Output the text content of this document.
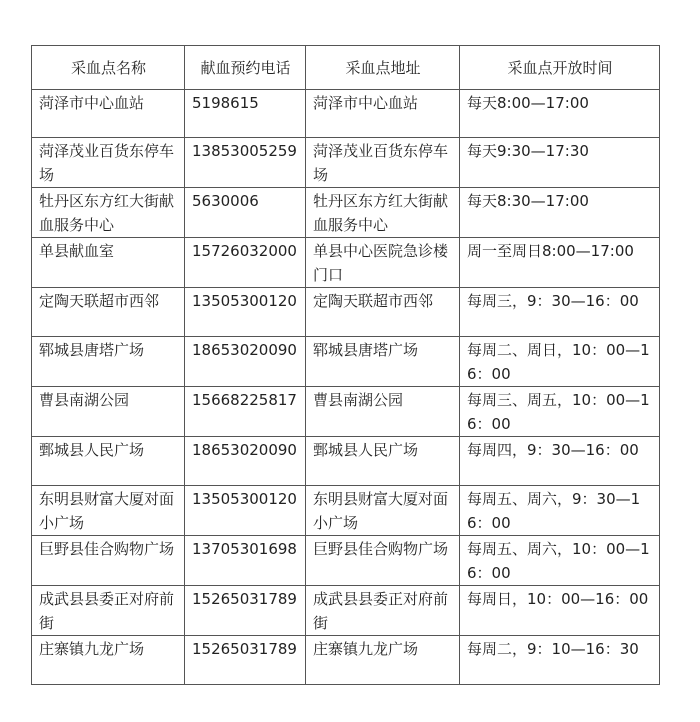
采血点名称	献血预约电话	采血点地址	采血点开放时间
菏泽市中心血站	5198615	菏泽市中心血站	每天8:00—17:00
菏泽茂业百货东停车场	13853005259	菏泽茂业百货东停车场	每天9:30—17:30
牡丹区东方红大街献血服务中心	5630006	牡丹区东方红大街献血服务中心	每天8:30—17:00
单县献血室	15726032000	单县中心医院急诊楼门口	周一至周日8:00—17:00
定陶天联超市西邻	13505300120	定陶天联超市西邻	每周三，9：30—16：00
郓城县唐塔广场	18653020090	郓城县唐塔广场	每周二、周日，10：00—16：00
曹县南湖公园	15668225817	曹县南湖公园	每周三、周五，10：00—16：00
鄄城县人民广场	18653020090	鄄城县人民广场	每周四，9：30—16：00
东明县财富大厦对面小广场	13505300120	东明县财富大厦对面小广场	每周五、周六，9：30—16：00
巨野县佳合购物广场	13705301698	巨野县佳合购物广场	每周五、周六，10：00—16：00
成武县县委正对府前街	15265031789	成武县县委正对府前街	每周日，10：00—16：00
庄寨镇九龙广场	15265031789	庄寨镇九龙广场	每周二，9：10—16：30
